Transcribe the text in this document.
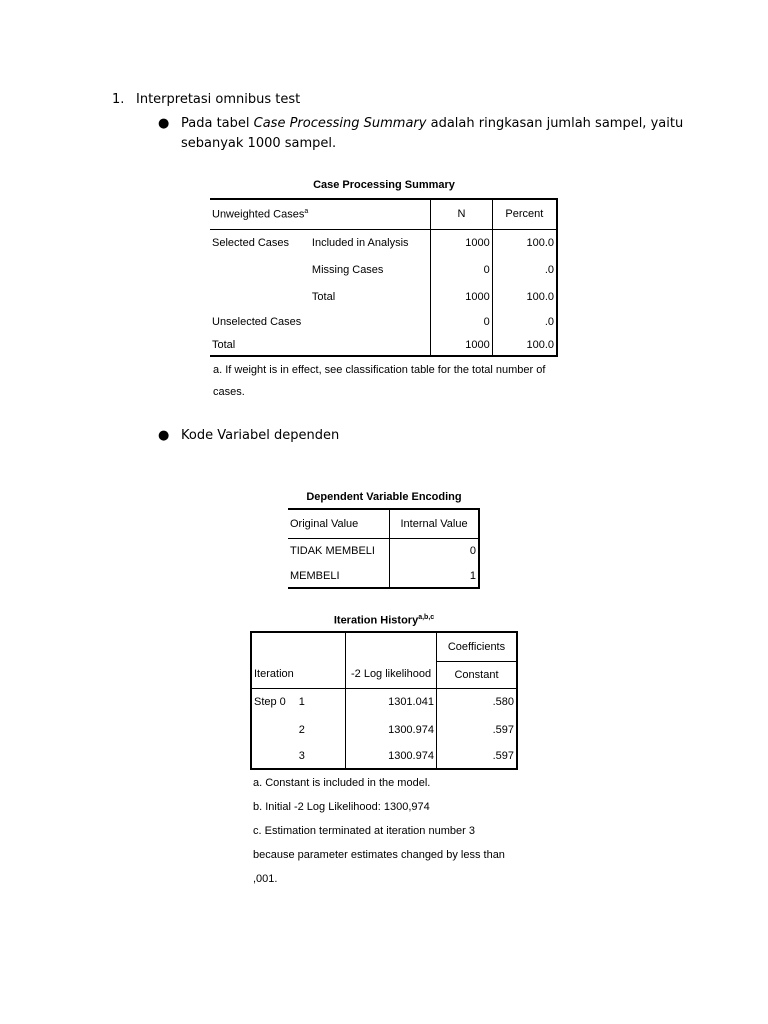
1. Interpretasi omnibus test
● Pada tabel Case Processing Summary adalah ringkasan jumlah sampel, yaitu sebanyak 1000 sampel.
Case Processing Summary
Unweighted Cases$^a$		N	Percent
Selected Cases	Included in Analysis	1000	100.0
	Missing Cases	0	.0
	Total	1000	100.0
Unselected Cases		0	.0
Total		1000	100.0
a. If weight is in effect, see classification table for the total number of
cases.
● Kode Variabel dependen
Dependent Variable Encoding
Original Value	Internal Value
TIDAK MEMBELI	0
MEMBELI	1
Iteration History$^{a,b,c}$
			Coefficients
Iteration		-2 Log likelihood	Constant
Step 0	1	1301.041	.580
	2	1300.974	.597
	3	1300.974	.597
a. Constant is included in the model.
b. Initial -2 Log Likelihood: 1300,974
c. Estimation terminated at iteration number 3
because parameter estimates changed by less than
,001.
